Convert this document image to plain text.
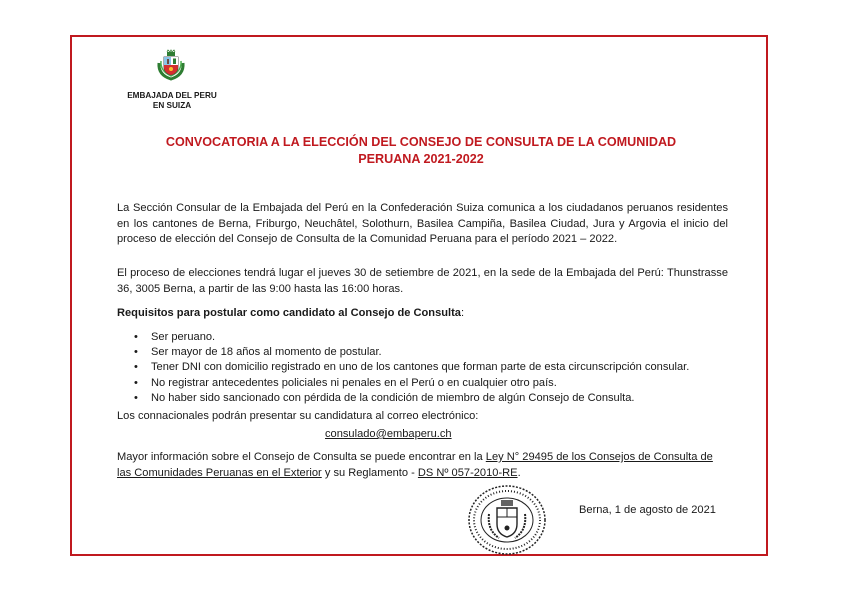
EMBAJADA DEL PERU
EN SUIZA
CONVOCATORIA A LA ELECCIÓN DEL CONSEJO DE CONSULTA DE LA COMUNIDAD
PERUANA 2021-2022

La Sección Consular de la Embajada del Perú en la Confederación Suiza comunica a los ciudadanos peruanos residentes en los cantones de Berna, Friburgo, Neuchâtel, Solothurn, Basilea Campiña, Basilea Ciudad, Jura y Argovia el inicio del proceso de elección del Consejo de Consulta de la Comunidad Peruana para el período 2021 – 2022.

El proceso de elecciones tendrá lugar el jueves 30 de setiembre de 2021, en la sede de la Embajada del Perú: Thunstrasse 36, 3005 Berna, a partir de las 9:00 hasta las 16:00 horas.

Requisitos para postular como candidato al Consejo de Consulta:
• Ser peruano.
• Ser mayor de 18 años al momento de postular.
• Tener DNI con domicilio registrado en uno de los cantones que forman parte de esta circunscripción consular.
• No registrar antecedentes policiales ni penales en el Perú o en cualquier otro país.
• No haber sido sancionado con pérdida de la condición de miembro de algún Consejo de Consulta.
Los connacionales podrán presentar su candidatura al correo electrónico:
consulado@embaperu.ch
Mayor información sobre el Consejo de Consulta se puede encontrar en la Ley N° 29495 de los Consejos de Consulta de las Comunidades Peruanas en el Exterior y su Reglamento - DS Nº 057-2010-RE.
Berna, 1 de agosto de 2021
